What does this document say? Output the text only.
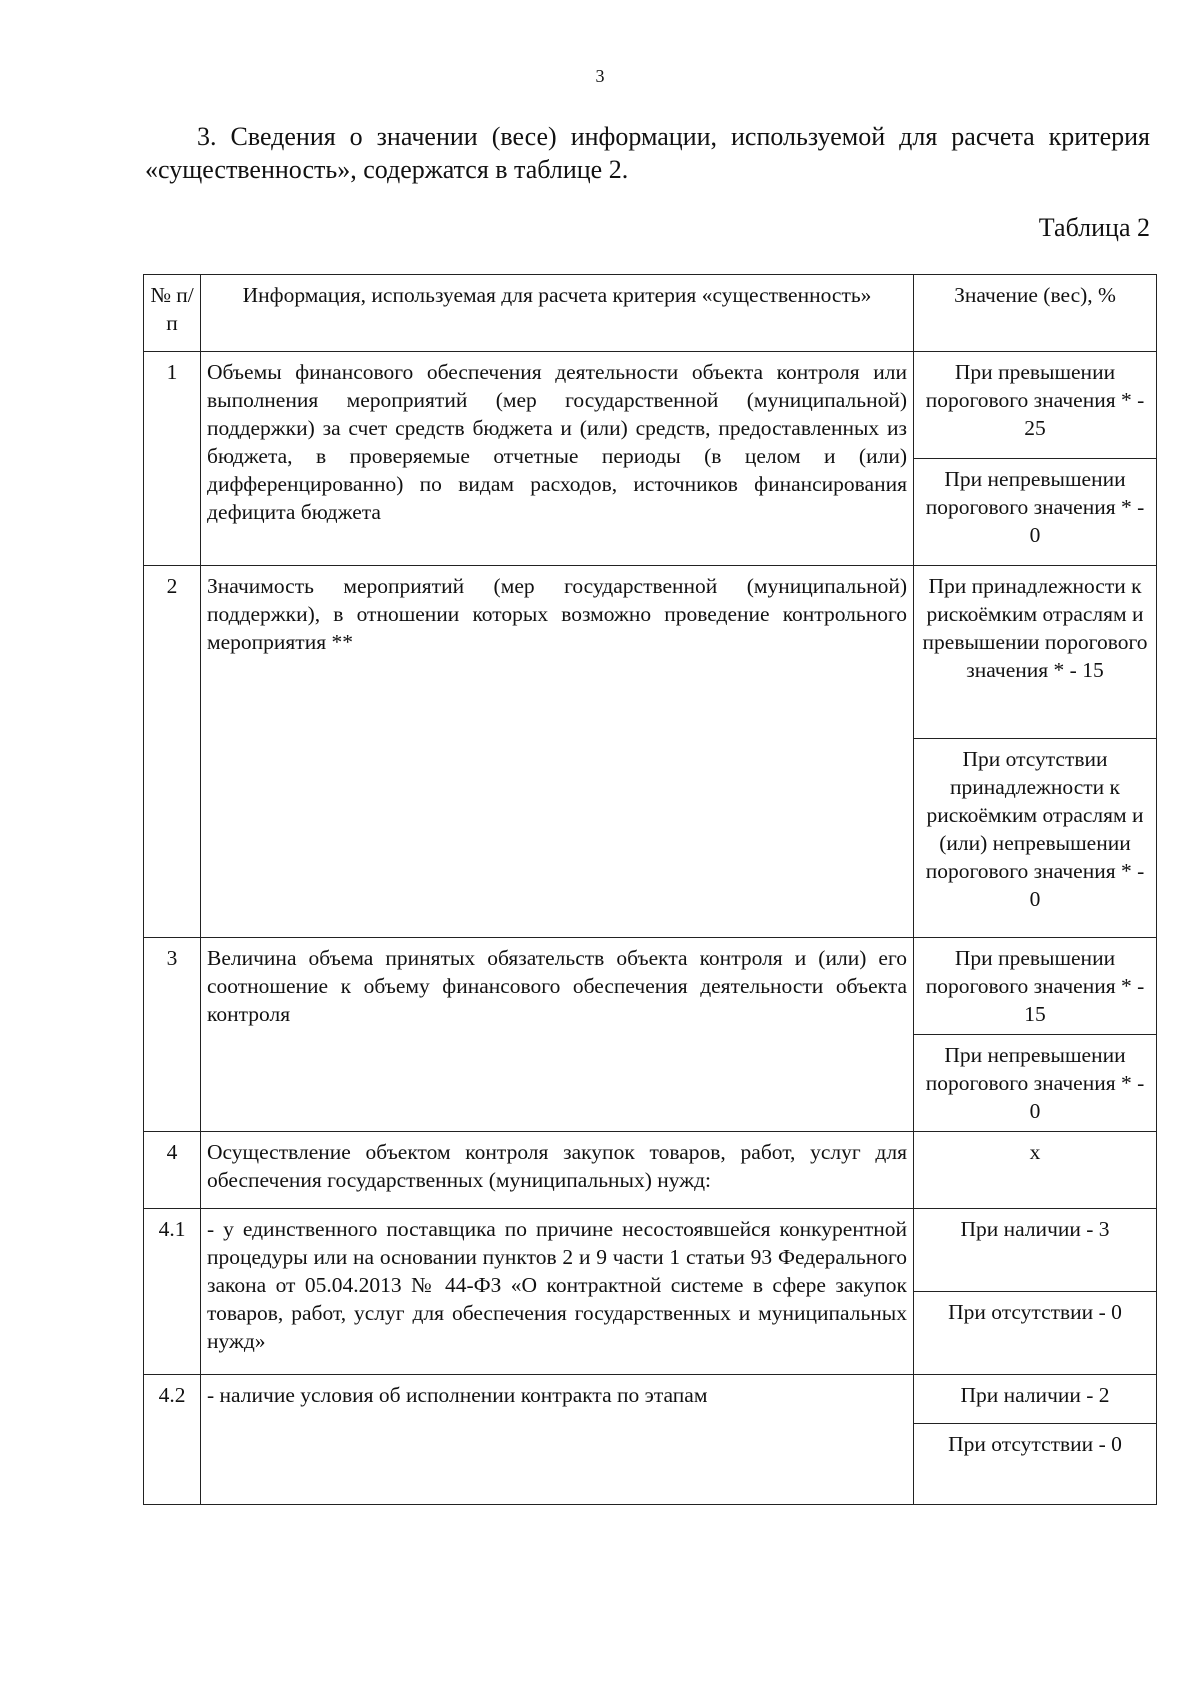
3
3. Сведения о значении (весе) информации, используемой для расчета критерия «существенность», содержатся в таблице 2.
Таблица 2
№ п/п	Информация, используемая для расчета критерия «существенность»	Значение (вес), %
1	Объемы финансового обеспечения деятельности объекта контроля или выполнения мероприятий (мер государственной (муниципальной) поддержки) за счет средств бюджета и (или) средств, предоставленных из бюджета, в проверяемые отчетные периоды (в целом и (или) дифференцированно) по видам расходов, источников финансирования дефицита бюджета	При превышении порогового значения * - 25
		При непревышении порогового значения * - 0
2	Значимость мероприятий (мер государственной (муниципальной) поддержки), в отношении которых возможно проведение контрольного мероприятия **	При принадлежности к рискоёмким отраслям и превышении порогового значения * - 15
		При отсутствии принадлежности к рискоёмким отраслям и (или) непревышении порогового значения * - 0
3	Величина объема принятых обязательств объекта контроля и (или) его соотношение к объему финансового обеспечения деятельности объекта контроля	При превышении порогового значения * - 15
		При непревышении порогового значения * - 0
4	Осуществление объектом контроля закупок товаров, работ, услуг для обеспечения государственных (муниципальных) нужд:	х
4.1	- у единственного поставщика по причине несостоявшейся конкурентной процедуры или на основании пунктов 2 и 9 части 1 статьи 93 Федерального закона от 05.04.2013 № 44-ФЗ «О контрактной системе в сфере закупок товаров, работ, услуг для обеспечения государственных и муниципальных нужд»	При наличии - 3
		При отсутствии - 0
4.2	- наличие условия об исполнении контракта по этапам	При наличии - 2
		При отсутствии - 0
